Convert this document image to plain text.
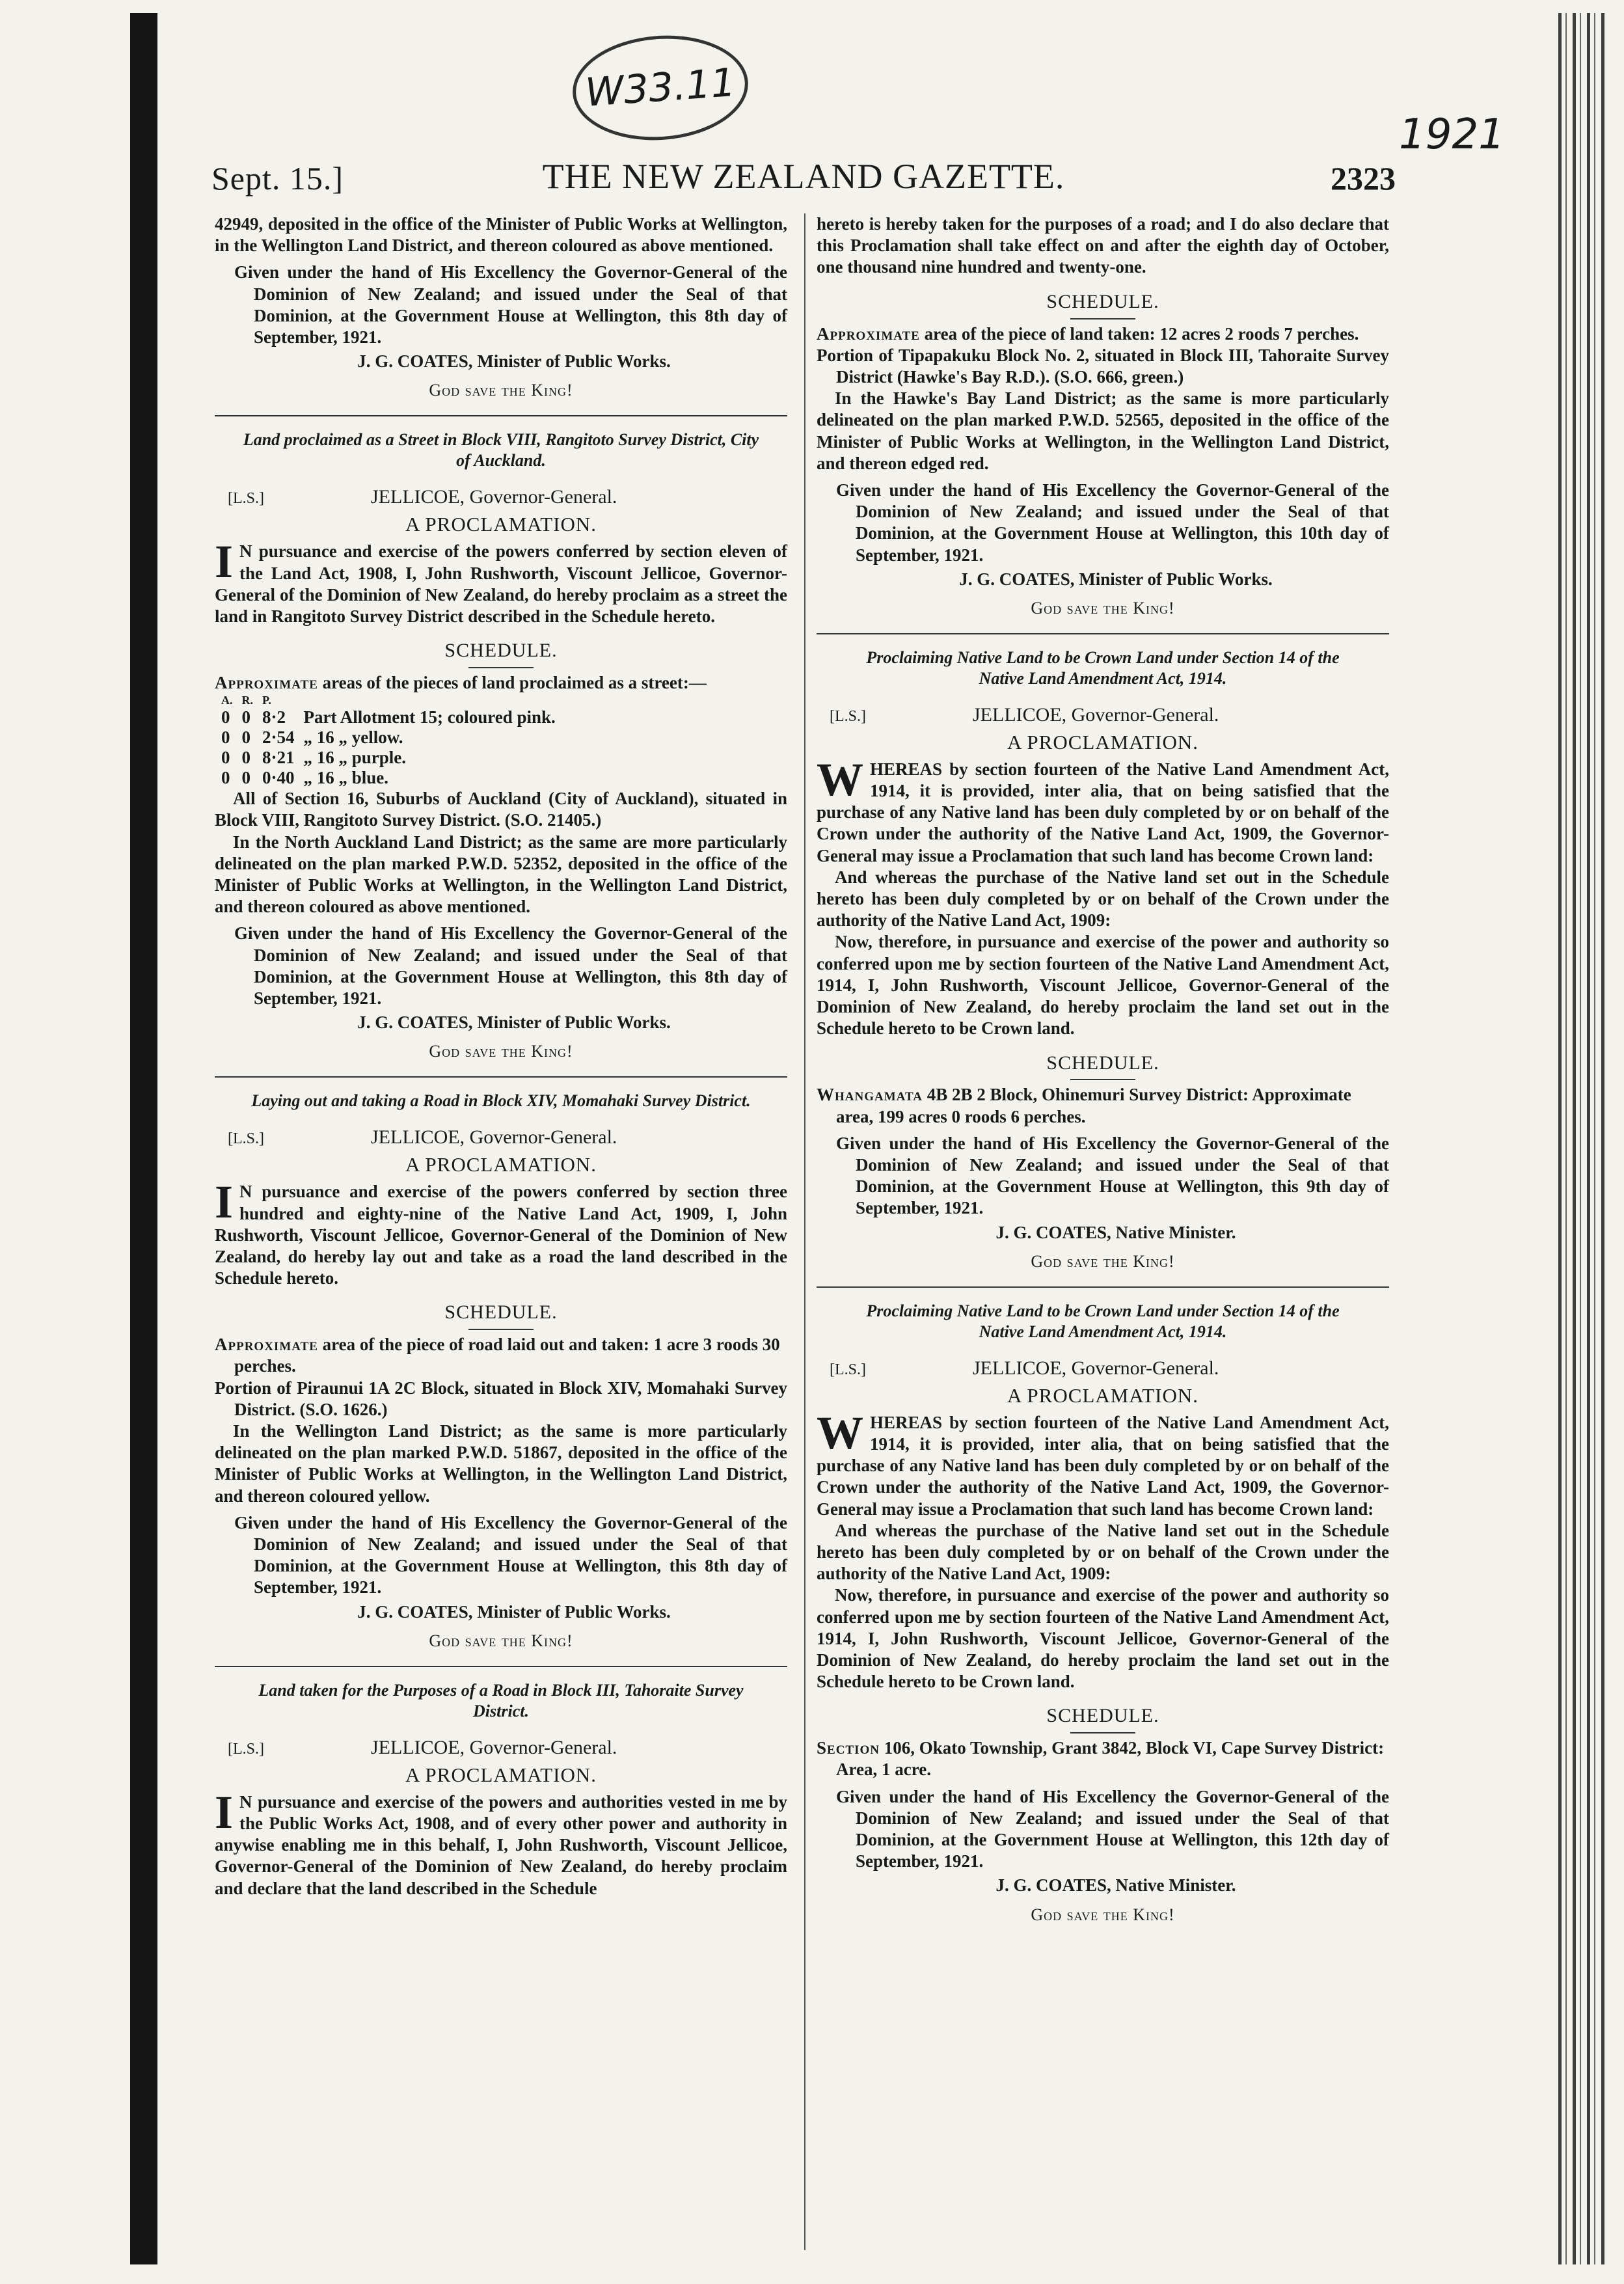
W33.11
1921
Sept. 15.]	THE NEW ZEALAND GAZETTE.	2323

42949, deposited in the office of the Minister of Public Works at Wellington, in the Wellington Land District, and thereon coloured as above mentioned.

Given under the hand of His Excellency the Governor-General of the Dominion of New Zealand; and issued under the Seal of that Dominion, at the Government House at Wellington, this 8th day of September, 1921.

J. G. COATES, Minister of Public Works.

God save the King!

Land proclaimed as a Street in Block VIII, Rangitoto Survey District, City of Auckland.

[L.S.]	JELLICOE, Governor-General.

A PROCLAMATION.

I N pursuance and exercise of the powers conferred by section eleven of the Land Act, 1908, I, John Rushworth, Viscount Jellicoe, Governor-General of the Dominion of New Zealand, do hereby proclaim as a street the land in Rangitoto Survey District described in the Schedule hereto.

SCHEDULE.

Approximate areas of the pieces of land proclaimed as a street:—

A.	R.	P.	
0	0	8·2	Part Allotment 15; coloured pink.
0	0	2·54	„ 16 „ yellow.
0	0	8·21	„ 16 „ purple.
0	0	0·40	„ 16 „ blue.

All of Section 16, Suburbs of Auckland (City of Auckland), situated in Block VIII, Rangitoto Survey District. (S.O. 21405.)

In the North Auckland Land District; as the same are more particularly delineated on the plan marked P.W.D. 52352, deposited in the office of the Minister of Public Works at Wellington, in the Wellington Land District, and thereon coloured as above mentioned.

Given under the hand of His Excellency the Governor-General of the Dominion of New Zealand; and issued under the Seal of that Dominion, at the Government House at Wellington, this 8th day of September, 1921.

J. G. COATES, Minister of Public Works.

God save the King!

Laying out and taking a Road in Block XIV, Momahaki Survey District.

[L.S.]	JELLICOE, Governor-General.

A PROCLAMATION.

I N pursuance and exercise of the powers conferred by section three hundred and eighty-nine of the Native Land Act, 1909, I, John Rushworth, Viscount Jellicoe, Governor-General of the Dominion of New Zealand, do hereby lay out and take as a road the land described in the Schedule hereto.

SCHEDULE.

Approximate area of the piece of road laid out and taken: 1 acre 3 roods 30 perches.

Portion of Piraunui 1A 2C Block, situated in Block XIV, Momahaki Survey District. (S.O. 1626.)

In the Wellington Land District; as the same is more particularly delineated on the plan marked P.W.D. 51867, deposited in the office of the Minister of Public Works at Wellington, in the Wellington Land District, and thereon coloured yellow.

Given under the hand of His Excellency the Governor-General of the Dominion of New Zealand; and issued under the Seal of that Dominion, at the Government House at Wellington, this 8th day of September, 1921.

J. G. COATES, Minister of Public Works.

God save the King!

Land taken for the Purposes of a Road in Block III, Tahoraite Survey District.

[L.S.]	JELLICOE, Governor-General.

A PROCLAMATION.

I N pursuance and exercise of the powers and authorities vested in me by the Public Works Act, 1908, and of every other power and authority in anywise enabling me in this behalf, I, John Rushworth, Viscount Jellicoe, Governor-General of the Dominion of New Zealand, do hereby proclaim and declare that the land described in the Schedule

hereto is hereby taken for the purposes of a road; and I do also declare that this Proclamation shall take effect on and after the eighth day of October, one thousand nine hundred and twenty-one.

SCHEDULE.

Approximate area of the piece of land taken: 12 acres 2 roods 7 perches.

Portion of Tipapakuku Block No. 2, situated in Block III, Tahoraite Survey District (Hawke's Bay R.D.). (S.O. 666, green.)

In the Hawke's Bay Land District; as the same is more particularly delineated on the plan marked P.W.D. 52565, deposited in the office of the Minister of Public Works at Wellington, in the Wellington Land District, and thereon edged red.

Given under the hand of His Excellency the Governor-General of the Dominion of New Zealand; and issued under the Seal of that Dominion, at the Government House at Wellington, this 10th day of September, 1921.

J. G. COATES, Minister of Public Works.

God save the King!

Proclaiming Native Land to be Crown Land under Section 14 of the Native Land Amendment Act, 1914.

[L.S.]	JELLICOE, Governor-General.

A PROCLAMATION.

WHEREAS by section fourteen of the Native Land Amendment Act, 1914, it is provided, inter alia, that on being satisfied that the purchase of any Native land has been duly completed by or on behalf of the Crown under the authority of the Native Land Act, 1909, the Governor-General may issue a Proclamation that such land has become Crown land:

And whereas the purchase of the Native land set out in the Schedule hereto has been duly completed by or on behalf of the Crown under the authority of the Native Land Act, 1909:

Now, therefore, in pursuance and exercise of the power and authority so conferred upon me by section fourteen of the Native Land Amendment Act, 1914, I, John Rushworth, Viscount Jellicoe, Governor-General of the Dominion of New Zealand, do hereby proclaim the land set out in the Schedule hereto to be Crown land.

SCHEDULE.

Whangamata 4B 2B 2 Block, Ohinemuri Survey District: Approximate area, 199 acres 0 roods 6 perches.

Given under the hand of His Excellency the Governor-General of the Dominion of New Zealand; and issued under the Seal of that Dominion, at the Government House at Wellington, this 9th day of September, 1921.

J. G. COATES, Native Minister.

God save the King!

Proclaiming Native Land to be Crown Land under Section 14 of the Native Land Amendment Act, 1914.

[L.S.]	JELLICOE, Governor-General.

A PROCLAMATION.

WHEREAS by section fourteen of the Native Land Amendment Act, 1914, it is provided, inter alia, that on being satisfied that the purchase of any Native land has been duly completed by or on behalf of the Crown under the authority of the Native Land Act, 1909, the Governor-General may issue a Proclamation that such land has become Crown land:

And whereas the purchase of the Native land set out in the Schedule hereto has been duly completed by or on behalf of the Crown under the authority of the Native Land Act, 1909:

Now, therefore, in pursuance and exercise of the power and authority so conferred upon me by section fourteen of the Native Land Amendment Act, 1914, I, John Rushworth, Viscount Jellicoe, Governor-General of the Dominion of New Zealand, do hereby proclaim the land set out in the Schedule hereto to be Crown land.

SCHEDULE.

Section 106, Okato Township, Grant 3842, Block VI, Cape Survey District: Area, 1 acre.

Given under the hand of His Excellency the Governor-General of the Dominion of New Zealand; and issued under the Seal of that Dominion, at the Government House at Wellington, this 12th day of September, 1921.

J. G. COATES, Native Minister.

God save the King!
